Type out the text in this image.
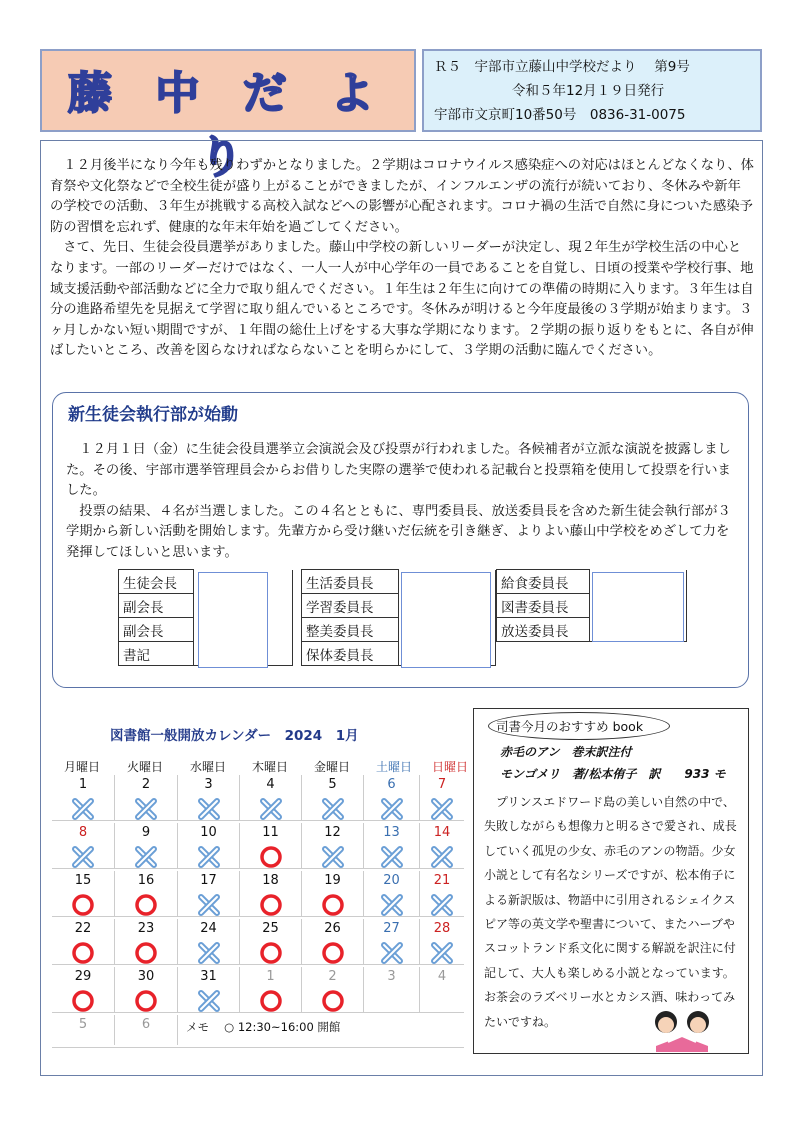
藤 中 だ よ り
Ｒ５　宇部市立藤山中学校だより　 第9号
令和５年12月１９日発行
宇部市文京町10番50号　0836-31-0075
　１２月後半になり今年も残りわずかとなりました。２学期はコロナウイルス感染症への対応はほとんどなくなり、体育祭や文化祭などで全校生徒が盛り上がることができましたが、インフルエンザの流行が続いており、冬休みや新年の学校での活動、３年生が挑戦する高校入試などへの影響が心配されます。コロナ禍の生活で自然に身についた感染予防の習慣を忘れず、健康的な年末年始を過ごしてください。
　さて、先日、生徒会役員選挙がありました。藤山中学校の新しいリーダーが決定し、現２年生が学校生活の中心となります。一部のリーダーだけではなく、一人一人が中心学年の一員であることを自覚し、日頃の授業や学校行事、地域支援活動や部活動などに全力で取り組んでください。１年生は２年生に向けての準備の時期に入ります。３年生は自分の進路希望先を見据えて学習に取り組んでいるところです。冬休みが明けると今年度最後の３学期が始まります。３ヶ月しかない短い期間ですが、１年間の総仕上げをする大事な学期になります。２学期の振り返りをもとに、各自が伸ばしたいところ、改善を図らなければならないことを明らかにして、３学期の活動に臨んでください。
新生徒会執行部が始動
　１２月１日（金）に生徒会役員選挙立会演説会及び投票が行われました。各候補者が立派な演説を披露しました。その後、宇部市選挙管理員会からお借りした実際の選挙で使われる記載台と投票箱を使用して投票を行いました。
　投票の結果、４名が当選しました。この４名とともに、専門委員長、放送委員長を含めた新生徒会執行部が３学期から新しい活動を開始します。先輩方から受け継いだ伝統を引き継ぎ、よりよい藤山中学校をめざして力を発揮してほしいと思います。
生徒会長	
副会長	
副会長	
書記	
生活委員長	
学習委員長	
整美委員長	
保体委員長	
給食委員長	
図書委員長	
放送委員長	
図書館一般開放カレンダー　2024　1月
1	2	3	4	5	6	7
8	9	10	11	12	13	14
15	16	17	18	19	20	21
22	23	24	25	26	27	28
29	30	31	1	2	3	4
5	6	メモ　 ○ 12:30~16:00 開館
司書今月のおすすめ book
赤毛のアン　巻末訳注付
モンゴメリ　著/松本侑子　訳　　933 モ
　プリンスエドワード島の美しい自然の中で、失敗しながらも想像力と明るさで愛され、成長していく孤児の少女、赤毛のアンの物語。少女小説として有名なシリーズですが、松本侑子による新訳版は、物語中に引用されるシェイクスピア等の英文学や聖書について、またハーブやスコットランド系文化に関する解説を訳注に付記して、大人も楽しめる小説となっています。お茶会のラズベリー水とカシス酒、味わってみたいですね。
月曜日 火曜日 水曜日 木曜日 金曜日 土曜日 日曜日
